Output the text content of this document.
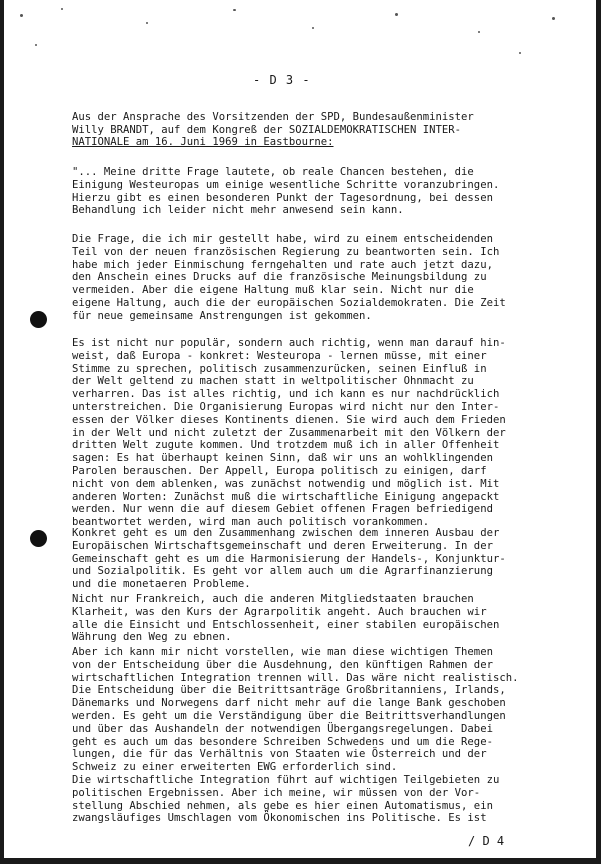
- D 3 -
Aus der Ansprache des Vorsitzenden der SPD, Bundesaußenminister
Willy BRANDT, auf dem Kongreß der SOZIALDEMOKRATISCHEN INTER-
NATIONALE am 16. Juni 1969 in Eastbourne:
"... Meine dritte Frage lautete, ob reale Chancen bestehen, die
Einigung Westeuropas um einige wesentliche Schritte voranzubringen.
Hierzu gibt es einen besonderen Punkt der Tagesordnung, bei dessen
Behandlung ich leider nicht mehr anwesend sein kann.
Die Frage, die ich mir gestellt habe, wird zu einem entscheidenden
Teil von der neuen französischen Regierung zu beantworten sein. Ich
habe mich jeder Einmischung ferngehalten und rate auch jetzt dazu,
den Anschein eines Drucks auf die französische Meinungsbildung zu
vermeiden. Aber die eigene Haltung muß klar sein. Nicht nur die
eigene Haltung, auch die der europäischen Sozialdemokraten. Die Zeit
für neue gemeinsame Anstrengungen ist gekommen.
Es ist nicht nur populär, sondern auch richtig, wenn man darauf hin-
weist, daß Europa - konkret: Westeuropa - lernen müsse, mit einer
Stimme zu sprechen, politisch zusammenzurücken, seinen Einfluß in
der Welt geltend zu machen statt in weltpolitischer Ohnmacht zu
verharren. Das ist alles richtig, und ich kann es nur nachdrücklich
unterstreichen. Die Organisierung Europas wird nicht nur den Inter-
essen der Völker dieses Kontinents dienen. Sie wird auch dem Frieden
in der Welt und nicht zuletzt der Zusammenarbeit mit den Völkern der
dritten Welt zugute kommen. Und trotzdem muß ich in aller Offenheit
sagen: Es hat überhaupt keinen Sinn, daß wir uns an wohlklingenden
Parolen berauschen. Der Appell, Europa politisch zu einigen, darf
nicht von dem ablenken, was zunächst notwendig und möglich ist. Mit
anderen Worten: Zunächst muß die wirtschaftliche Einigung angepackt
werden. Nur wenn die auf diesem Gebiet offenen Fragen befriedigend
beantwortet werden, wird man auch politisch vorankommen.
Konkret geht es um den Zusammenhang zwischen dem inneren Ausbau der
Europäischen Wirtschaftsgemeinschaft und deren Erweiterung. In der
Gemeinschaft geht es um die Harmonisierung der Handels-, Konjunktur-
und Sozialpolitik. Es geht vor allem auch um die Agrarfinanzierung
und die monetaeren Probleme.
Nicht nur Frankreich, auch die anderen Mitgliedstaaten brauchen
Klarheit, was den Kurs der Agrarpolitik angeht. Auch brauchen wir
alle die Einsicht und Entschlossenheit, einer stabilen europäischen
Währung den Weg zu ebnen.
Aber ich kann mir nicht vorstellen, wie man diese wichtigen Themen
von der Entscheidung über die Ausdehnung, den künftigen Rahmen der
wirtschaftlichen Integration trennen will. Das wäre nicht realistisch.
Die Entscheidung über die Beitrittsanträge Großbritanniens, Irlands,
Dänemarks und Norwegens darf nicht mehr auf die lange Bank geschoben
werden. Es geht um die Verständigung über die Beitrittsverhandlungen
und über das Aushandeln der notwendigen Übergangsregelungen. Dabei
geht es auch um das besondere Schreiben Schwedens und um die Rege-
lungen, die für das Verhältnis von Staaten wie Österreich und der
Schweiz zu einer erweiterten EWG erforderlich sind.
Die wirtschaftliche Integration führt auf wichtigen Teilgebieten zu
politischen Ergebnissen. Aber ich meine, wir müssen von der Vor-
stellung Abschied nehmen, als gebe es hier einen Automatismus, ein
zwangsläufiges Umschlagen vom Ökonomischen ins Politische. Es ist
/ D 4
